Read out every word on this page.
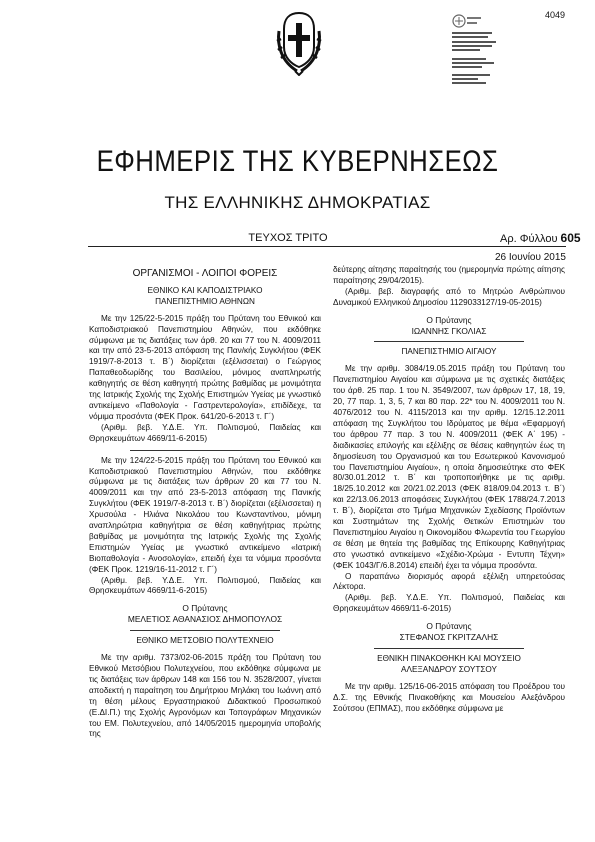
4049
ΕΦΗΜΕΡΙΣ ΤΗΣ ΚΥΒΕΡΝΗΣΕΩΣ
ΤΗΣ ΕΛΛΗΝΙΚΗΣ ΔΗΜΟΚΡΑΤΙΑΣ
ΤΕΥΧΟΣ ΤΡΙΤΟ	Αρ. Φύλλου 605
26 Ιουνίου 2015
ΟΡΓΑΝΙΣΜΟΙ - ΛΟΙΠΟΙ ΦΟΡΕΙΣ
ΕΘΝΙΚΟ ΚΑΙ ΚΑΠΟΔΙΣΤΡΙΑΚΟ
ΠΑΝΕΠΙΣΤΗΜΙΟ ΑΘΗΝΩΝ

Με την 125/22-5-2015 πράξη του Πρύτανη του Εθνικού και Καποδιστριακού Πανεπιστημίου Αθηνών, που εκδόθηκε σύμφωνα με τις διατάξεις των άρθ. 20 και 77 του Ν. 4009/2011 και την από 23-5-2013 απόφαση της Παν/κής Συγκλήτου (ΦΕΚ 1919/7-8-2013 τ. Β΄) διορίζεται (εξέλισσεται) ο Γεώργιος Παπαθεοδωρίδης του Βασιλείου, μόνιμος αναπληρωτής καθηγητής σε θέση καθηγητή πρώτης βαθμίδας με μονιμότητα της Ιατρικής Σχολής της Σχολής Επιστημών Υγείας με γνωστικό αντικείμενο «Παθολογία - Γαστρεντερολογία», επιδίδεχε, τα νόμιμα προσόντα (ΦΕΚ Προκ. 641/20-6-2013 τ. Γ΄)

(Αριθμ. βεβ. Υ.Δ.Ε. Υπ. Πολιτισμού, Παιδείας και Θρησκευμάτων 4669/11-6-2015)

Με την 124/22-5-2015 πράξη του Πρύτανη του Εθνικού και Καποδιστριακού Πανεπιστημίου Αθηνών, που εκδόθηκε σύμφωνα με τις διατάξεις των άρθρων 20 και 77 του Ν. 4009/2011 και την από 23-5-2013 απόφαση της Πανικής Συγκλήτου (ΦΕΚ 1919/7-8-2013 τ. Β΄) διορίζεται (εξέλισσεται) η Χρυσούλα - Ηλιάνα Νικολάου του Κωνσταντίνου, μόνιμη αναπληρώτρια καθηγήτρια σε θέση καθηγήτριας πρώτης βαθμίδας με μονιμότητα της Ιατρικής Σχολής της Σχολής Επιστημών Υγείας με γνωστικό αντικείμενο «Ιατρική Βιοπαθολογία - Ανοσολογία», επειδή έχει τα νόμιμα προσόντα (ΦΕΚ Προκ. 1219/16-11-2012 τ. Γ΄)

(Αριθμ. βεβ. Υ.Δ.Ε. Υπ. Πολιτισμού, Παιδείας και Θρησκευμάτων 4669/11-6-2015)

Ο Πρύτανης
ΜΕΛΕΤΙΟΣ ΑΘΑΝΑΣΙΟΣ ΔΗΜΟΠΟΥΛΟΣ
ΕΘΝΙΚΟ ΜΕΤΣΟΒΙΟ ΠΟΛΥΤΕΧΝΕΙΟ

Με την αριθμ. 7373/02-06-2015 πράξη του Πρύτανη του Εθνικού Μετσόβιου Πολυτεχνείου, που εκδόθηκε σύμφωνα με τις διατάξεις των άρθρων 148 και 156 του Ν. 3528/2007, γίνεται αποδεκτή η παραίτηση του Δημήτριου Μηλάκη του Ιωάννη από τη θέση μέλους Εργαστηριακού Διδακτικού Προσωπικού (Ε.ΔΙ.Π.) της Σχολής Αγρονόμων και Τοπογράφων Μηχανικών του ΕΜ. Πολυτεχνείου, από 14/05/2015 ημερομηνία υποβολής της

δεύτερης αίτησης παραίτησής του (ημερομηνία πρώτης αίτησης παραίτησης 29/04/2015).

(Αριθμ. βεβ. διαγραφής από το Μητρώο Ανθρώπινου Δυναμικού Ελληνικού Δημοσίου 1129033127/19-05-2015)

Ο Πρύτανης
ΙΩΑΝΝΗΣ ΓΚΟΛΙΑΣ
ΠΑΝΕΠΙΣΤΗΜΙΟ ΑΙΓΑΙΟΥ

Με την αριθμ. 3084/19.05.2015 πράξη του Πρύτανη του Πανεπιστημίου Αιγαίου και σύμφωνα με τις σχετικές διατάξεις του άρθ. 25 παρ. 1 του Ν. 3549/2007, των άρθρων 17, 18, 19, 20, 77 παρ. 1, 3, 5, 7 και 80 παρ. 22* του Ν. 4009/2011 του Ν. 4076/2012 του Ν. 4115/2013 και την αριθμ. 12/15.12.2011 απόφαση της Συγκλήτου του Ιδρύματος με θέμα «Εφαρμογή του άρθρου 77 παρ. 3 του Ν. 4009/2011 (ΦΕΚ Α΄ 195) - διαδικασίες επιλογής και εξέλιξης σε θέσεις καθηγητών έως τη δημοσίευση του Οργανισμού και του Εσωτερικού Κανονισμού του Πανεπιστημίου Αιγαίου», η οποία δημοσιεύτηκε στο ΦΕΚ 80/30.01.2012 τ. Β΄ και τροποποιήθηκε με τις αριθμ. 18/25.10.2012 και 20/21.02.2013 (ΦΕΚ 818/09.04.2013 τ. Β΄) και 22/13.06.2013 αποφάσεις Συγκλήτου (ΦΕΚ 1788/24.7.2013 τ. Β΄), διορίζεται στο Τμήμα Μηχανικών Σχεδίασης Προϊόντων και Συστημάτων της Σχολής Θετικών Επιστημών του Πανεπιστημίου Αιγαίου η Οικονομίδου Φλωρεντία του Γεωργίου σε θέση με θητεία της βαθμίδας της Επίκουρης Καθηγήτριας στο γνωστικό αντικείμενο «Σχέδιο-Χρώμα - Εντυπη Τέχνη» (ΦΕΚ 1043/Γ/6.8.2014) επειδή έχει τα νόμιμα προσόντα.

Ο παραπάνω διορισμός αφορά εξέλιξη υπηρετούσας Λέκτορα.

(Αριθμ. βεβ. Υ.Δ.Ε. Υπ. Πολιτισμού, Παιδείας και Θρησκευμάτων 4669/11-6-2015)

Ο Πρύτανης
ΣΤΕΦΑΝΟΣ ΓΚΡΙΤΖΑΛΗΣ
ΕΘΝΙΚΗ ΠΙΝΑΚΟΘΗΚΗ ΚΑΙ ΜΟΥΣΕΙΟ
ΑΛΕΞΑΝΔΡΟΥ ΣΟΥΤΣΟΥ

Με την αριθμ. 125/16-06-2015 απόφαση του Προέδρου του Δ.Σ. της Εθνικής Πινακοθήκης και Μουσείου Αλεξάνδρου Σούτσου (ΕΠΜΑΣ), που εκδόθηκε σύμφωνα με
